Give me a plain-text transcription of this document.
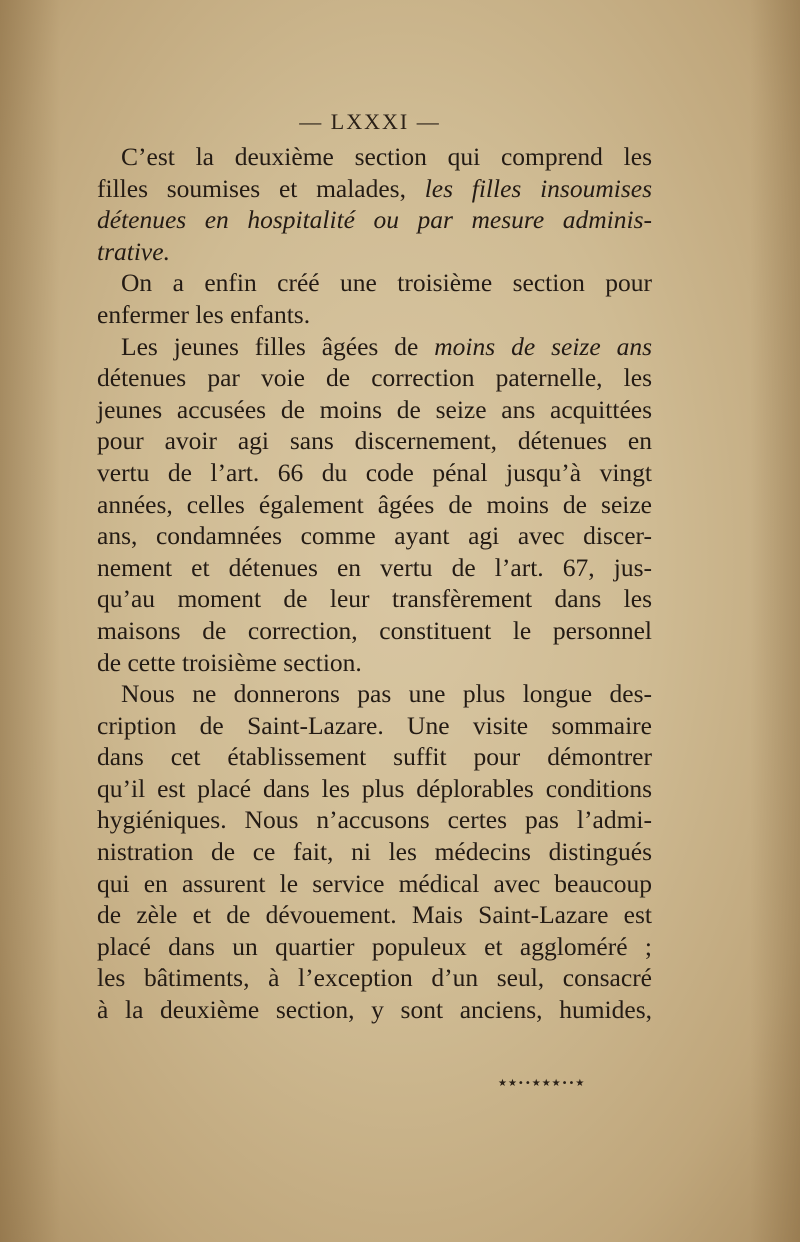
— LXXXI —
C’est la deuxième section qui comprend les
filles soumises et malades, les filles insoumises
détenues en hospitalité ou par mesure adminis-
trative.
On a enfin créé une troisième section pour
enfermer les enfants.
Les jeunes filles âgées de moins de seize ans
détenues par voie de correction paternelle, les
jeunes accusées de moins de seize ans acquittées
pour avoir agi sans discernement, détenues en
vertu de l’art. 66 du code pénal jusqu’à vingt
années, celles également âgées de moins de seize
ans, condamnées comme ayant agi avec discer-
nement et détenues en vertu de l’art. 67, jus-
qu’au moment de leur transfèrement dans les
maisons de correction, constituent le personnel
de cette troisième section.
Nous ne donnerons pas une plus longue des-
cription de Saint-Lazare. Une visite sommaire
dans cet établissement suffit pour démontrer
qu’il est placé dans les plus déplorables conditions
hygiéniques. Nous n’accusons certes pas l’admi-
nistration de ce fait, ni les médecins distingués
qui en assurent le service médical avec beaucoup
de zèle et de dévouement. Mais Saint-Lazare est
placé dans un quartier populeux et aggloméré ;
les bâtiments, à l’exception d’un seul, consacré
à la deuxième section, y sont anciens, humides,
★★••★★★••★
